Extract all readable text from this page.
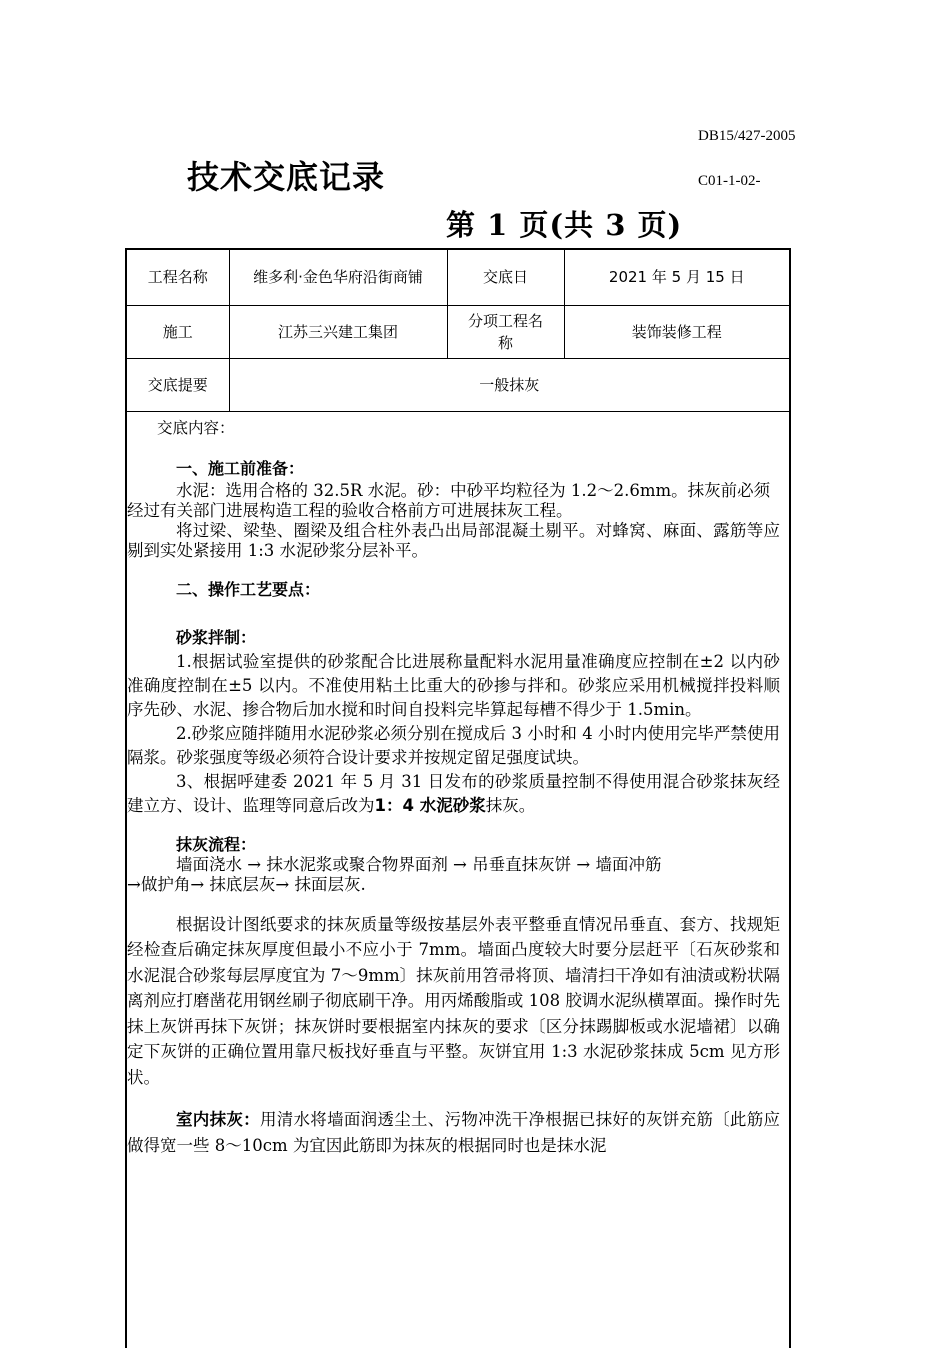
DB15/427-2005
技术交底记录	C01-1-02-
第 1 页(共 3 页)
工程名称	维多利·金色华府沿街商铺	交底日	2021 年 5 月 15 日
施工	江苏三兴建工集团	分项工程名称	装饰装修工程
交底提要	一般抹灰		

交底内容：

一、施工前准备：

水泥：选用合格的 32.5R 水泥。砂：中砂平均粒径为 1.2～2.6mm。抹灰前必须经过有关部门进展构造工程的验收合格前方可进展抹灰工程。

将过梁、梁垫、圈梁及组合柱外表凸出局部混凝土剔平。对蜂窝、麻面、露筋等应剔到实处紧接用 1:3 水泥砂浆分层补平。

二、操作工艺要点：

砂浆拌制：

1.根据试验室提供的砂浆配合比进展称量配料水泥用量准确度应控制在±2 以内砂准确度控制在±5 以内。不准使用粘土比重大的砂掺与拌和。砂浆应采用机械搅拌投料顺序先砂、水泥、掺合物后加水搅和时间自投料完毕算起每槽不得少于 1.5min。

2.砂浆应随拌随用水泥砂浆必须分别在搅成后 3 小时和 4 小时内使用完毕严禁使用隔浆。砂浆强度等级必须符合设计要求并按规定留足强度试块。

3、根据呼建委 2021 年 5 月 31 日发布的砂浆质量控制不得使用混合砂浆抹灰经建立方、设计、监理等同意后改为1：4 水泥砂浆抹灰。

抹灰流程：

墙面浇水 → 抹水泥浆或聚合物界面剂 → 吊垂直抹灰饼 → 墙面冲筋

→做护角→ 抹底层灰→ 抹面层灰.

根据设计图纸要求的抹灰质量等级按基层外表平整垂直情况吊垂直、套方、找规矩经检查后确定抹灰厚度但最小不应小于 7mm。墙面凸度较大时要分层赶平〔石灰砂浆和水泥混合砂浆每层厚度宜为 7～9mm〕抹灰前用笤帚将顶、墙清扫干净如有油渍或粉状隔离剂应打磨凿花用钢丝刷子彻底刷干净。用丙烯酸脂或 108 胶调水泥纵横罩面。操作时先抹上灰饼再抹下灰饼；抹灰饼时要根据室内抹灰的要求〔区分抹踢脚板或水泥墙裙〕以确定下灰饼的正确位置用靠尺板找好垂直与平整。灰饼宜用 1:3 水泥砂浆抹成 5cm 见方形状。

室内抹灰：用清水将墙面润透尘土、污物冲洗干净根据已抹好的灰饼充筋〔此筋应做得宽一些 8～10cm 为宜因此筋即为抹灰的根据同时也是抹水泥
